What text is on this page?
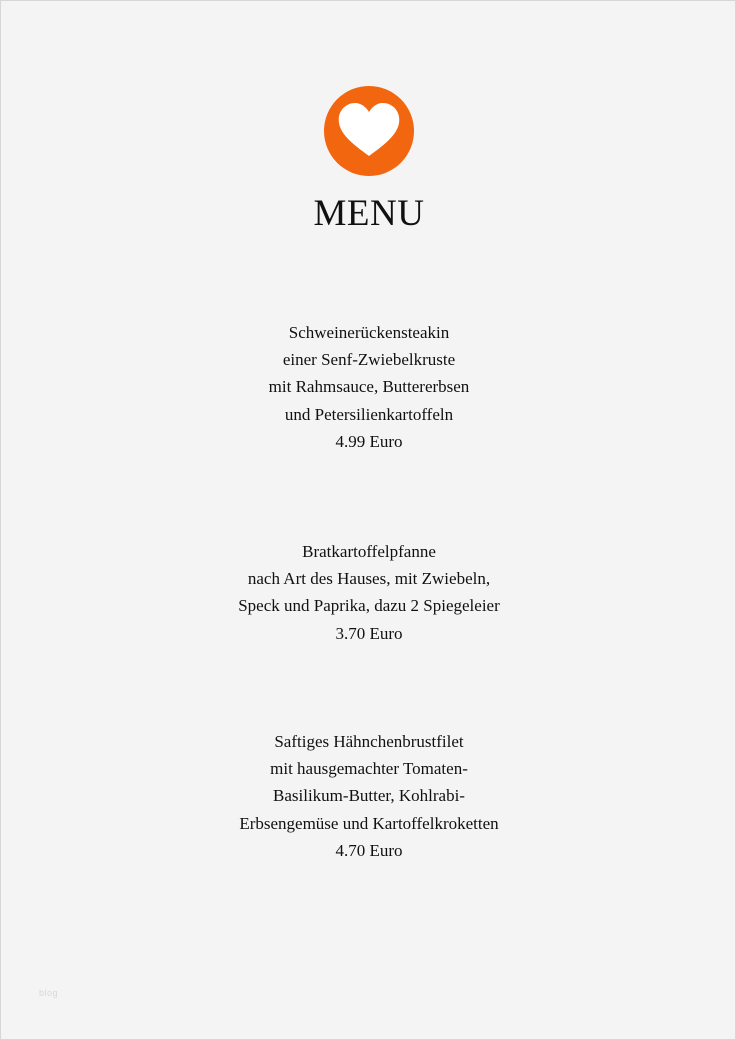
MENU
Schweinerückensteakin
einer Senf-Zwiebelkruste
mit Rahmsauce, Buttererbsen
und Petersilienkartoffeln
4.99 Euro
Bratkartoffelpfanne
nach Art des Hauses, mit Zwiebeln,
Speck und Paprika, dazu 2 Spiegeleier
3.70 Euro
Saftiges Hähnchenbrustfilet
mit hausgemachter Tomaten-
Basilikum-Butter, Kohlrabi-
Erbsengemüse und Kartoffelkroketten
4.70 Euro
blog
